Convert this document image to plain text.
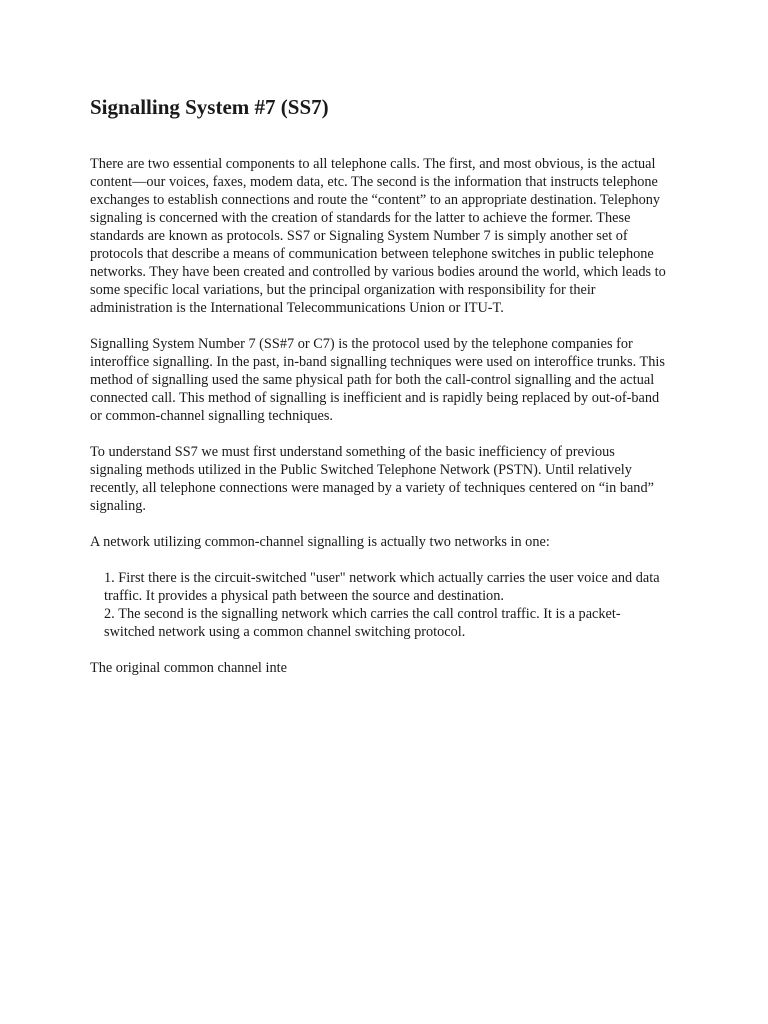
Signalling System #7 (SS7)

There are two essential components to all telephone calls. The first, and most obvious, is the actual content—our voices, faxes, modem data, etc. The second is the information that instructs telephone exchanges to establish connections and route the “content” to an appropriate destination. Telephony signaling is concerned with the creation of standards for the latter to achieve the former. These standards are known as protocols. SS7 or Signaling System Number 7 is simply another set of protocols that describe a means of communication between telephone switches in public telephone networks. They have been created and controlled by various bodies around the world, which leads to some specific local variations, but the principal organization with responsibility for their administration is the International Telecommunications Union or ITU-T.

Signalling System Number 7 (SS#7 or C7) is the protocol used by the telephone companies for interoffice signalling. In the past, in-band signalling techniques were used on interoffice trunks. This method of signalling used the same physical path for both the call-control signalling and the actual connected call. This method of signalling is inefficient and is rapidly being replaced by out-of-band or common-channel signalling techniques.

To understand SS7 we must first understand something of the basic inefficiency of previous signaling methods utilized in the Public Switched Telephone Network (PSTN). Until relatively recently, all telephone connections were managed by a variety of techniques centered on “in band” signaling.

A network utilizing common-channel signalling is actually two networks in one:

1. First there is the circuit-switched "user" network which actually carries the user voice and data traffic. It provides a physical path between the source and destination.
2. The second is the signalling network which carries the call control traffic. It is a packet-switched network using a common channel switching protocol.

The original common channel inte
